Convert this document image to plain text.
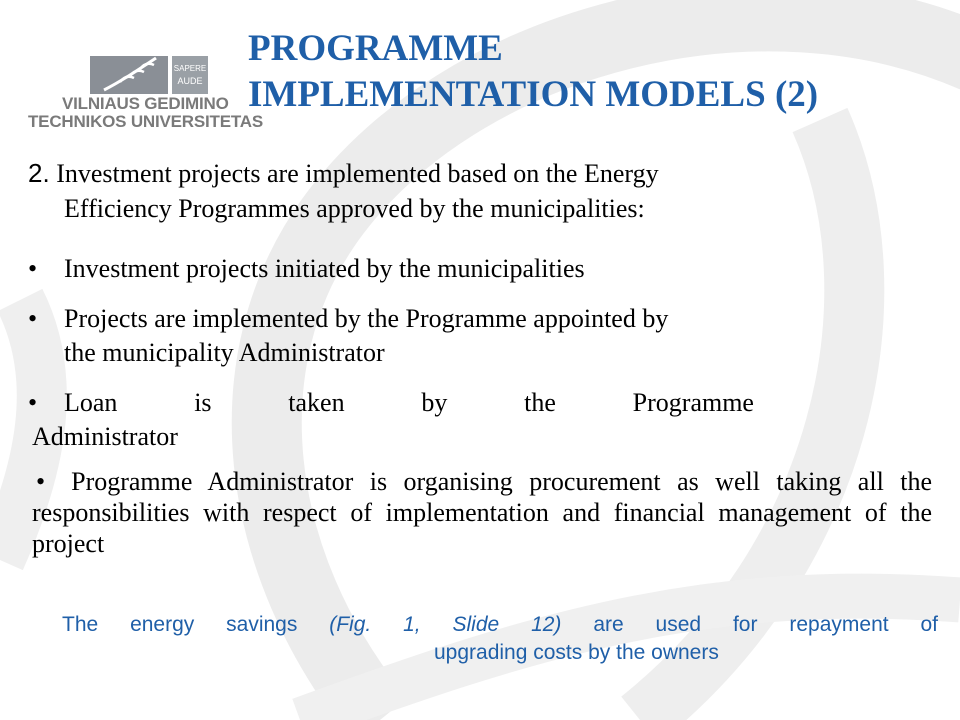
SAPERE
AUDE
VILNIAUS GEDIMINO
TECHNIKOS UNIVERSITETAS
PROGRAMME
IMPLEMENTATION MODELS (2)
2. Investment projects are implemented based on the Energy
Efficiency Programmes approved by the municipalities:
•	Investment projects initiated by the municipalities
•	Projects are implemented by the Programme appointed by
the municipality Administrator
• Loan	is	taken	by	the	Programme
Administrator
• Programme Administrator is organising procurement as well taking all the responsibilities with respect of implementation and financial management of the project
The energy savings (Fig. 1, Slide 12) are used for repayment of
upgrading costs by the owners
